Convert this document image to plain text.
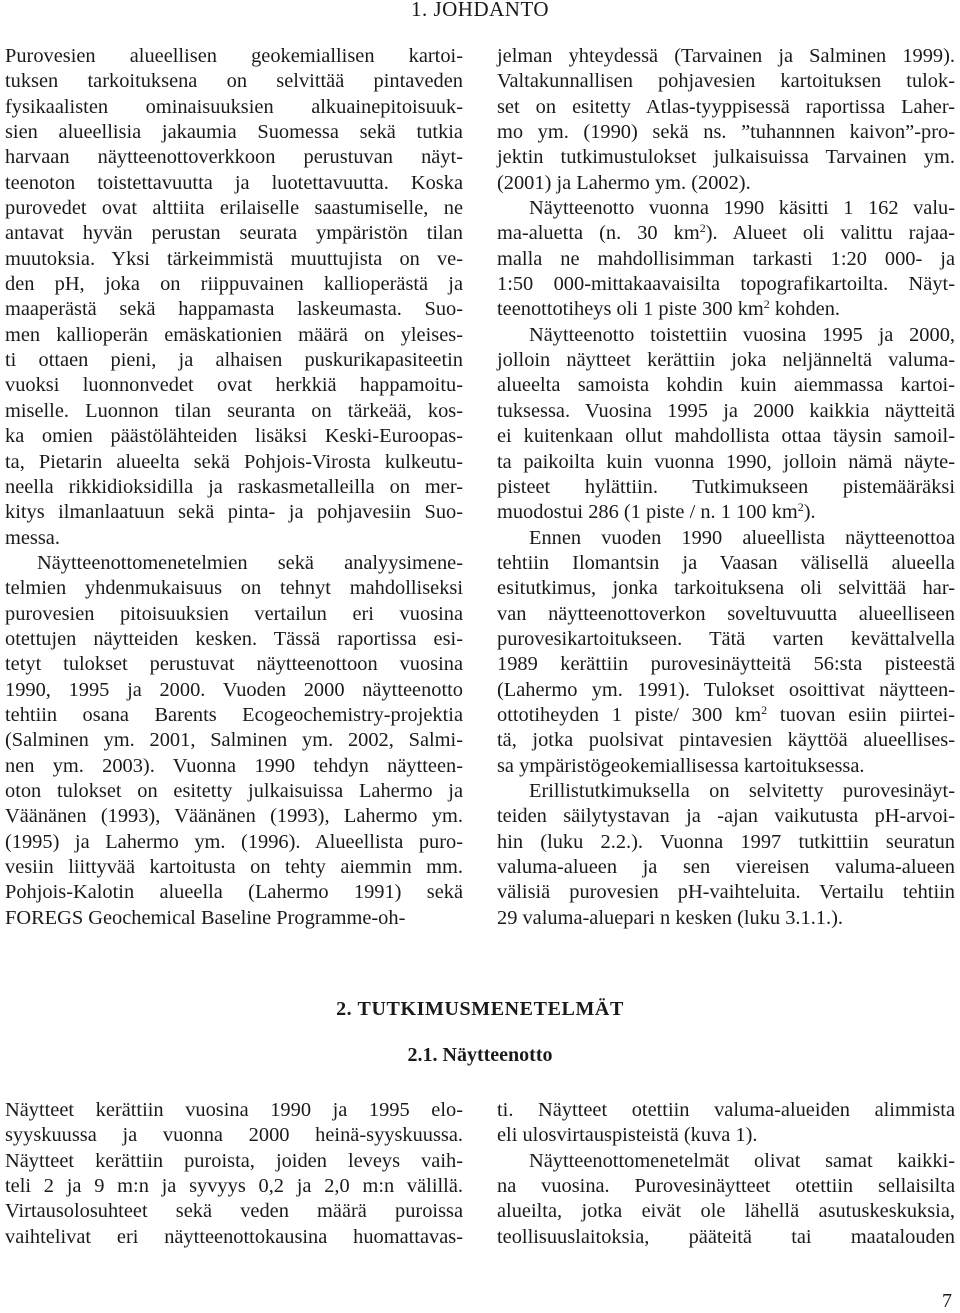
1. JOHDANTO
Purovesien alueellisen geokemiallisen kartoi-
tuksen tarkoituksena on selvittää pintaveden
fysikaalisten ominaisuuksien alkuainepitoisuuk-
sien alueellisia jakaumia Suomessa sekä tutkia
harvaan näytteenottoverkkoon perustuvan näyt-
teenoton toistettavuutta ja luotettavuutta. Koska
purovedet ovat alttiita erilaiselle saastumiselle, ne
antavat hyvän perustan seurata ympäristön tilan
muutoksia. Yksi tärkeimmistä muuttujista on ve-
den pH, joka on riippuvainen kallioperästä ja
maaperästä sekä happamasta laskeumasta. Suo-
men kallioperän emäskationien määrä on yleises-
ti ottaen pieni, ja alhaisen puskurikapasiteetin
vuoksi luonnonvedet ovat herkkiä happamoitu-
miselle. Luonnon tilan seuranta on tärkeää, kos-
ka omien päästölähteiden lisäksi Keski-Euroopas-
ta, Pietarin alueelta sekä Pohjois-Virosta kulkeutu-
neella rikkidioksidilla ja raskasmetalleilla on mer-
kitys ilmanlaatuun sekä pinta- ja pohjavesiin Suo-
messa.
Näytteenottomenetelmien sekä analyysimene-
telmien yhdenmukaisuus on tehnyt mahdolliseksi
purovesien pitoisuuksien vertailun eri vuosina
otettujen näytteiden kesken. Tässä raportissa esi-
tetyt tulokset perustuvat näytteenottoon vuosina
1990, 1995 ja 2000. Vuoden 2000 näytteenotto
tehtiin osana Barents Ecogeochemistry-projektia
(Salminen ym. 2001, Salminen ym. 2002, Salmi-
nen ym. 2003). Vuonna 1990 tehdyn näytteen-
oton tulokset on esitetty julkaisuissa Lahermo ja
Väänänen (1993), Väänänen (1993), Lahermo ym.
(1995) ja Lahermo ym. (1996). Alueellista puro-
vesiin liittyvää kartoitusta on tehty aiemmin mm.
Pohjois-Kalotin alueella (Lahermo 1991) sekä
FOREGS Geochemical Baseline Programme-oh-
jelman yhteydessä (Tarvainen ja Salminen 1999).
Valtakunnallisen pohjavesien kartoituksen tulok-
set on esitetty Atlas-tyyppisessä raportissa Laher-
mo ym. (1990) sekä ns. ”tuhannnen kaivon”-pro-
jektin tutkimustulokset julkaisuissa Tarvainen ym.
(2001) ja Lahermo ym. (2002).
Näytteenotto vuonna 1990 käsitti 1 162 valu-
ma-aluetta (n. 30 $km^2$). Alueet oli valittu rajaa-
malla ne mahdollisimman tarkasti 1:20 000- ja
1:50 000-mittakaavaisilta topografikartoilta. Näyt-
teenottotiheys oli 1 piste 300 $km^2$ kohden.
Näytteenotto toistettiin vuosina 1995 ja 2000,
jolloin näytteet kerättiin joka neljänneltä valuma-
alueelta samoista kohdin kuin aiemmassa kartoi-
tuksessa. Vuosina 1995 ja 2000 kaikkia näytteitä
ei kuitenkaan ollut mahdollista ottaa täysin samoil-
ta paikoilta kuin vuonna 1990, jolloin nämä näyte-
pisteet hylättiin. Tutkimukseen pistemääräksi
muodostui 286 (1 piste / n. 1 100 $km^2$).
Ennen vuoden 1990 alueellista näytteenottoa
tehtiin Ilomantsin ja Vaasan välisellä alueella
esitutkimus, jonka tarkoituksena oli selvittää har-
van näytteenottoverkon soveltuvuutta alueelliseen
purovesikartoitukseen. Tätä varten kevättalvella
1989 kerättiin purovesinäytteitä 56:sta pisteestä
(Lahermo ym. 1991). Tulokset osoittivat näytteen-
ottotiheyden 1 piste/ 300 $km^2$ tuovan esiin piirtei-
tä, jotka puolsivat pintavesien käyttöä alueellises-
sa ympäristögeokemiallisessa kartoituksessa.
Erillistutkimuksella on selvitetty purovesinäyt-
teiden säilytystavan ja -ajan vaikutusta pH-arvoi-
hin (luku 2.2.). Vuonna 1997 tutkittiin seuratun
valuma-alueen ja sen viereisen valuma-alueen
välisiä purovesien pH-vaihteluita. Vertailu tehtiin
29 valuma-aluepari n kesken (luku 3.1.1.).
2. TUTKIMUSMENETELMÄT
2.1. Näytteenotto
Näytteet kerättiin vuosina 1990 ja 1995 elo-
syyskuussa ja vuonna 2000 heinä-syyskuussa.
Näytteet kerättiin puroista, joiden leveys vaih-
teli 2 ja 9 m:n ja syvyys 0,2 ja 2,0 m:n välillä.
Virtausolosuhteet sekä veden määrä puroissa
vaihtelivat eri näytteenottokausina huomattavas-
ti. Näytteet otettiin valuma-alueiden alimmista
eli ulosvirtauspisteistä (kuva 1).
Näytteenottomenetelmät olivat samat kaikki-
na vuosina. Purovesinäytteet otettiin sellaisilta
alueilta, jotka eivät ole lähellä asutuskeskuksia,
teollisuuslaitoksia, pääteitä tai maatalouden
7
